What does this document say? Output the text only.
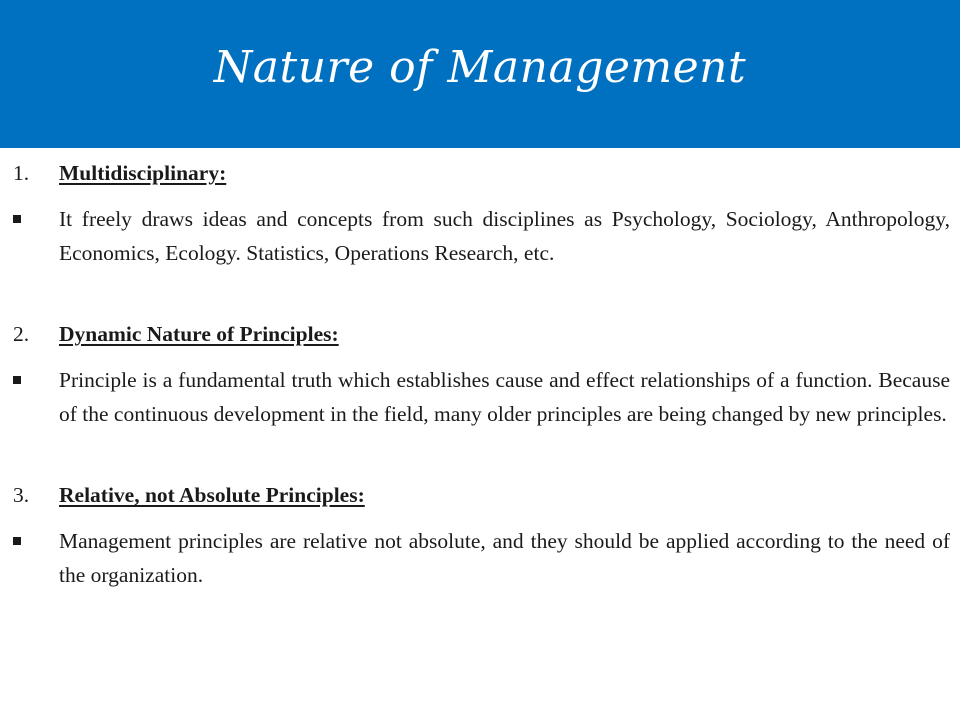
Nature of Management
1. Multidisciplinary:
It freely draws ideas and concepts from such disciplines as Psychology, Sociology, Anthropology, Economics, Ecology. Statistics, Operations Research, etc.
2. Dynamic Nature of Principles:
Principle is a fundamental truth which establishes cause and effect relationships of a function. Because of the continuous development in the field, many older principles are being changed by new principles.
3. Relative, not Absolute Principles:
Management principles are relative not absolute, and they should be applied according to the need of the organization.
